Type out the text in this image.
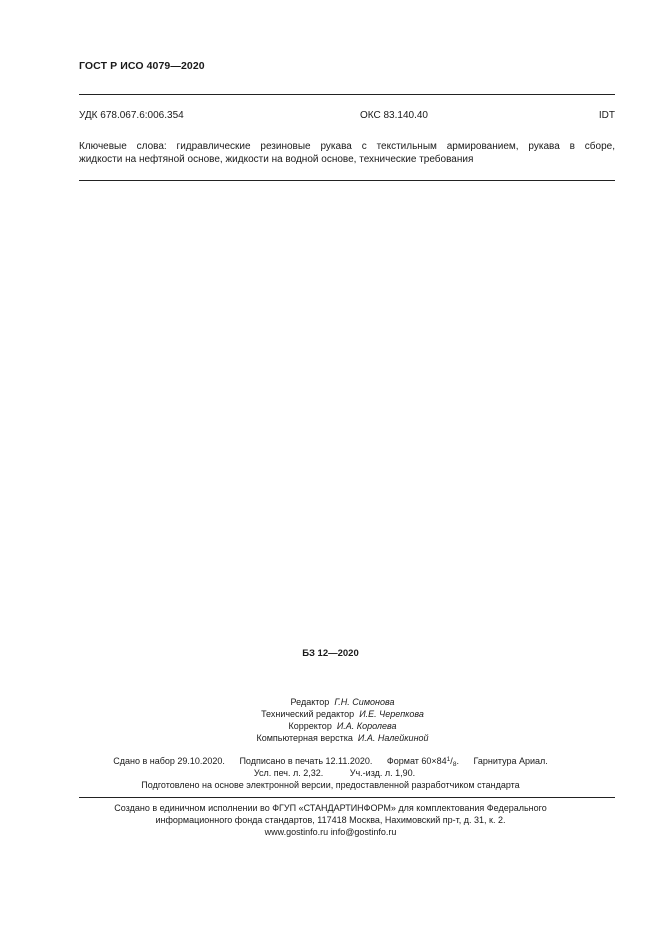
ГОСТ Р ИСО 4079—2020
УДК 678.067.6:006.354	ОКС 83.140.40	IDT
Ключевые слова: гидравлические резиновые рукава с текстильным армированием, рукава в сборе,
жидкости на нефтяной основе, жидкости на водной основе, технические требования
БЗ 12—2020
Редактор Г.Н. Симонова
Технический редактор И.Е. Черепкова
Корректор И.А. Королева
Компьютерная верстка И.А. Налейкиной
Сдано в набор 29.10.2020. Подписано в печать 12.11.2020. Формат $60\times 84^1/_8$. Гарнитура Ариал.
Усл. печ. л. 2,32.	Уч.-изд. л. 1,90.
Подготовлено на основе электронной версии, предоставленной разработчиком стандарта
Создано в единичном исполнении во ФГУП «СТАНДАРТИНФОРМ» для комплектования Федерального
информационного фонда стандартов, 117418 Москва, Нахимовский пр-т, д. 31, к. 2.
www.gostinfo.ru info@gostinfo.ru
